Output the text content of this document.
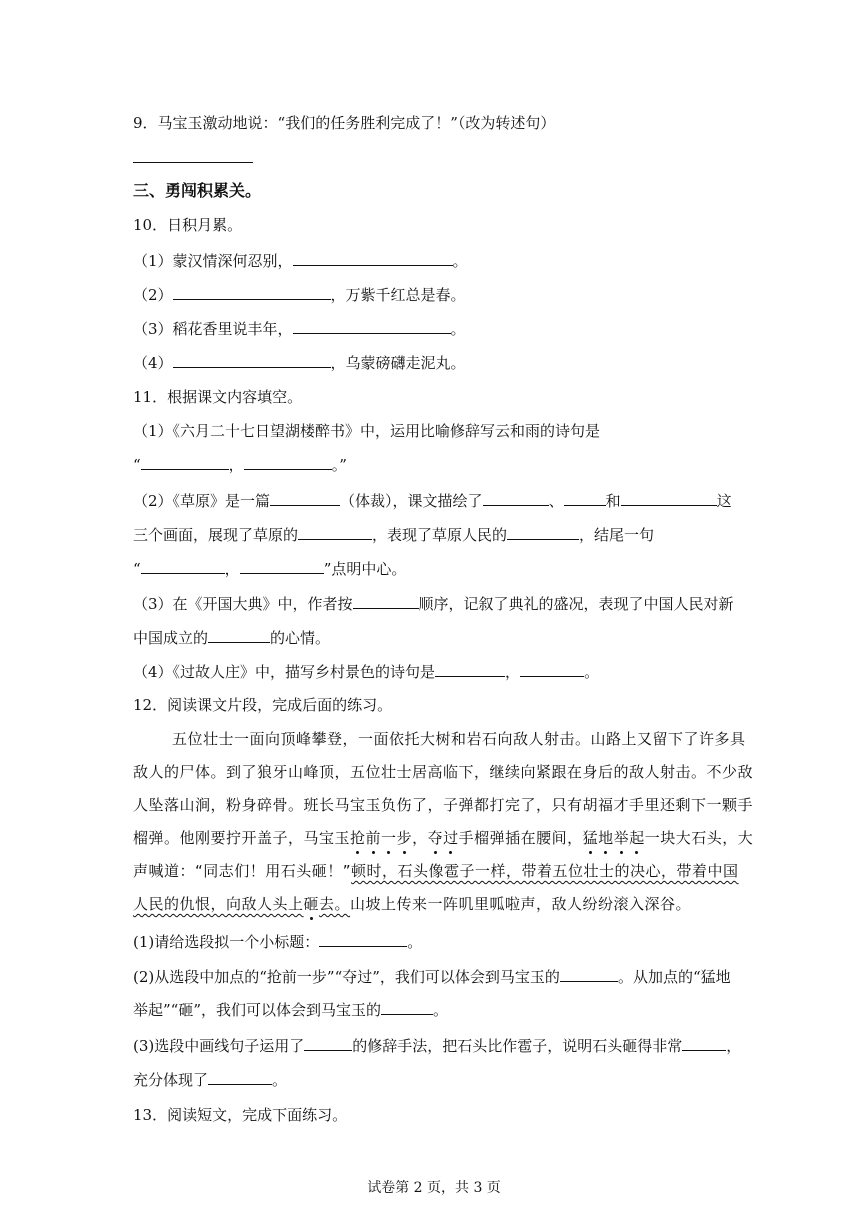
9．马宝玉激动地说：“我们的任务胜利完成了！”（改为转述句）
三、勇闯积累关。
10．日积月累。
（1）蒙汉情深何忍别，	。
（2）	，万紫千红总是春。
（3）稻花香里说丰年，	。
（4）	，乌蒙磅礴走泥丸。
11．根据课文内容填空。
（1）《六月二十七日望湖楼醉书》中，运用比喻修辞写云和雨的诗句是
“	，	。”
（2）《草原》是一篇	（体裁），课文描绘了	、	和	这
三个画面，展现了草原的	，表现了草原人民的	，结尾一句
“	，	”点明中心。
（3）在《开国大典》中，作者按	顺序，记叙了典礼的盛况，表现了中国人民对新
中国成立的	的心情。
（4）《过故人庄》中，描写乡村景色的诗句是	，	。
12．阅读课文片段，完成后面的练习。
五位壮士一面向顶峰攀登，一面依托大树和岩石向敌人射击。山路上又留下了许多具
敌人的尸体。到了狼牙山峰顶，五位壮士居高临下，继续向紧跟在身后的敌人射击。不少敌
人坠落山涧，粉身碎骨。班长马宝玉负伤了，子弹都打完了，只有胡福才手里还剩下一颗手
榴弹。他刚要拧开盖子，马宝玉抢前一步，夺过手榴弹插在腰间，猛地举起一块大石头，大
声喊道：“同志们！用石头砸！”顿时，石头像雹子一样，带着五位壮士的决心，带着中国
人民的仇恨，向敌人头上砸去。山坡上传来一阵叽里呱啦声，敌人纷纷滚入深谷。
(1)请给选段拟一个小标题：	。
(2)从选段中加点的“抢前一步”“夺过”，我们可以体会到马宝玉的	。从加点的“猛地
举起”“砸”，我们可以体会到马宝玉的	。
(3)选段中画线句子运用了	的修辞手法，把石头比作雹子，说明石头砸得非常	，
充分体现了	。
13．阅读短文，完成下面练习。
试卷第 2 页，共 3 页
